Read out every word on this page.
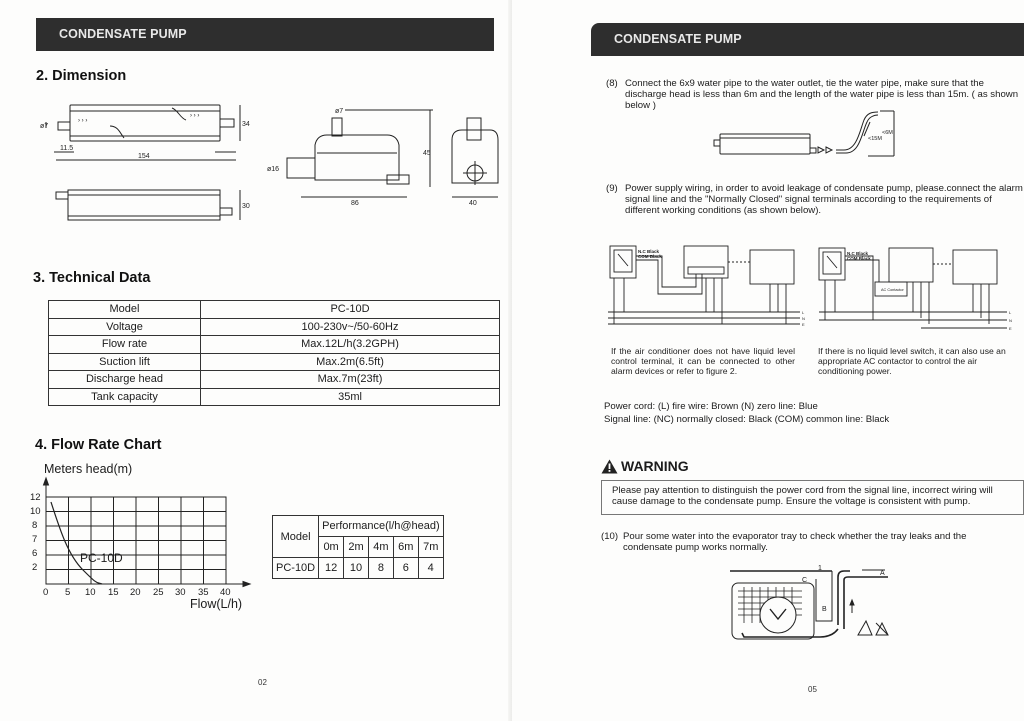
CONDENSATE PUMP
2. Dimension
› › ›
› › ›
11.5
154
34
ø7
30
ø7
86
45
ø16
40
3. Technical Data
Model	PC-10D
Voltage	100-230v~/50-60Hz
Flow rate	Max.12L/h(3.2GPH)
Suction lift	Max.2m(6.5ft)
Discharge head	Max.7m(23ft)
Tank capacity	35ml
4. Flow Rate Chart
Meters head(m)
12
10
8
7
6
2
0 5 10 15 20 25 30 35 40
PC-10D
Flow(L/h)
Model	Performance(l/h@head)				
	0m	2m	4m	6m	7m
PC-10D	12	10	8	6	4
02
CONDENSATE PUMP
(8) Connect the 6x9 water pipe to the water outlet, tie the water pipe, make sure that the discharge head is less than 6m and the length of the water pipe is less than 15m. ( as shown below )
<15M
<6M
(9) Power supply wiring, in order to avoid leakage of condensate pump, please.connect the alarm signal line and the "Normally Closed" signal terminals according to the requirements of different working conditions (as shown below).
N.C Black
COM Black
L
N
E
If the air conditioner does not have liquid level control terminal, it can be connected to other alarm devices or refer to figure 2.
N.C Black
COM Black
AC Contactor
L
N
E
If there is no liquid level switch, it can also use an appropriate AC contactor to control the air conditioning power.
Power cord: (L) fire wire: Brown (N) zero line: Blue
Signal line: (NC) normally closed: Black (COM) common line: Black
WARNING
Please pay attention to distinguish the power cord from the signal line, incorrect wiring will
cause damage to the condensate pump. Ensure the voltage is consistent with pump.
(10) Pour some water into the evaporator tray to check whether the tray leaks and the condensate pump works normally.
1
A
B
C
05
